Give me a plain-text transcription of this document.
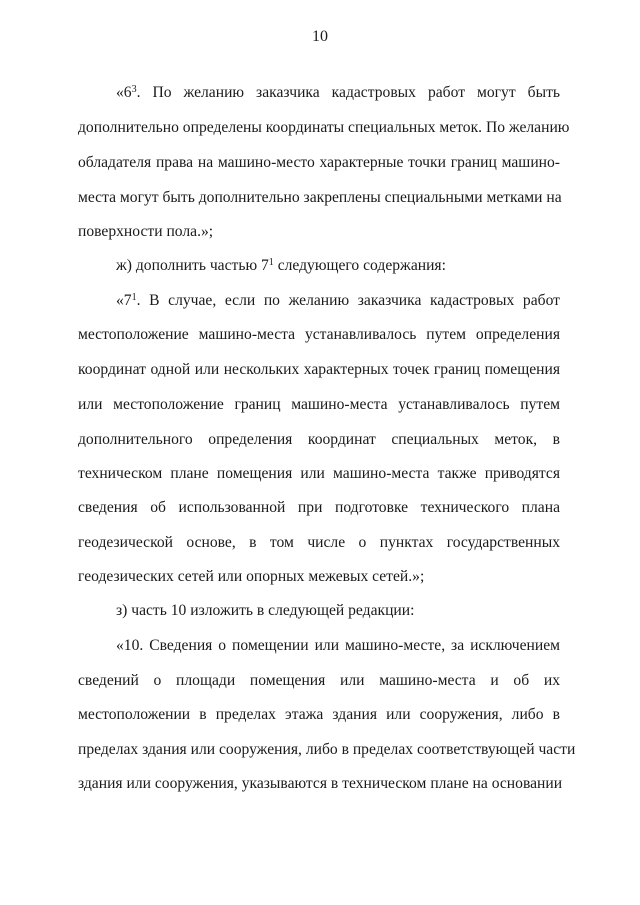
10
«$6^3$. По желанию заказчика кадастровых работ могут быть
дополнительно определены координаты специальных меток. По желанию
обладателя права на машино-место характерные точки границ машино-
места могут быть дополнительно закреплены специальными метками на
поверхности пола.»;
ж) дополнить частью $7^1$ следующего содержания:
«$7^1$. В случае, если по желанию заказчика кадастровых работ
местоположение машино-места устанавливалось путем определения
координат одной или нескольких характерных точек границ помещения
или местоположение границ машино-места устанавливалось путем
дополнительного определения координат специальных меток, в
техническом плане помещения или машино-места также приводятся
сведения об использованной при подготовке технического плана
геодезической основе, в том числе о пунктах государственных
геодезических сетей или опорных межевых сетей.»;
з) часть 10 изложить в следующей редакции:
«10. Сведения о помещении или машино-месте, за исключением
сведений о площади помещения или машино-места и об их
местоположении в пределах этажа здания или сооружения, либо в
пределах здания или сооружения, либо в пределах соответствующей части
здания или сооружения, указываются в техническом плане на основании
